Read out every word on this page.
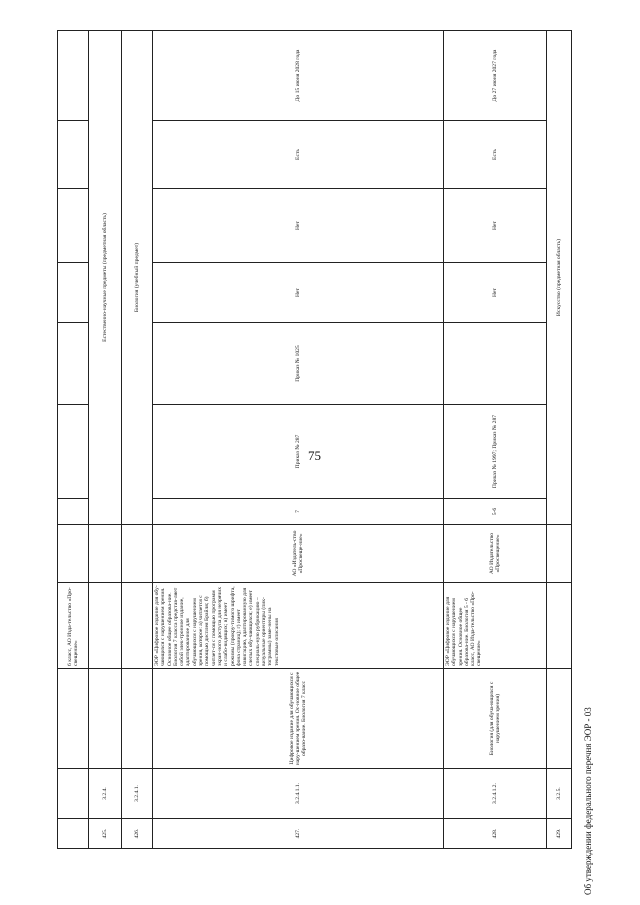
75
			6 класс, АО Изда-тельство «Про-свещение»								
425.	3.2.4.				Естественно-научные предметы (предметная область)						
426.	3.2.4.1.				Биология (учебный предмет)						
427.	3.2.4.1.1.	Цифровое издание для обучающихся с нару-шением зрения. Ос-новное общее образо-вание. Биология 7 класс	ЭОР «Цифровое издание для обу-чающихся с нарушением зрения. Основное общее образова-ние. Биология 7 класса представ-ляет собой элек-тронное издание, адаптированное для обучающихся с нарушением зрения, которое: а) читается с помощью дисплея Брайля; б) читает-ся с помощью программ экран-ного доступа для незрячих и слабо-видящих; в) имеет режимы (прокру-тимого шрифта, фона страниц); г) имеет навигацию, адаптированную для слепых обу-чающихся; е) имеет специаль-ную рубрикацию – визуальные ориентиры (пик-тограммы) заме-нены на текстовые описания	АО «Издатель-ство «Просвеще-ние»	7	Приказ № 287	Приказ № 1025	Нет	Нет	Есть	До 15 июня 2028 года
428.	3.2.4.1.2.	Биология (для обуча-ющихся с нарушением зрения)	ЭОР «Цифровое издание для обучающихся с нарушением зрения. Основное общее образова-ние. Биология 5 - 6 класс, АО Изда-тельство «Про-свещение»	АО Издательство «Просвещение»	5-6	Приказ № 1997; Приказ № 287		Нет	Нет	Есть	До 27 июня 2027 года
429.	3.2.5.				Искусство (предметная область)						
Об утверждении федерального перечня ЭОР - 03
